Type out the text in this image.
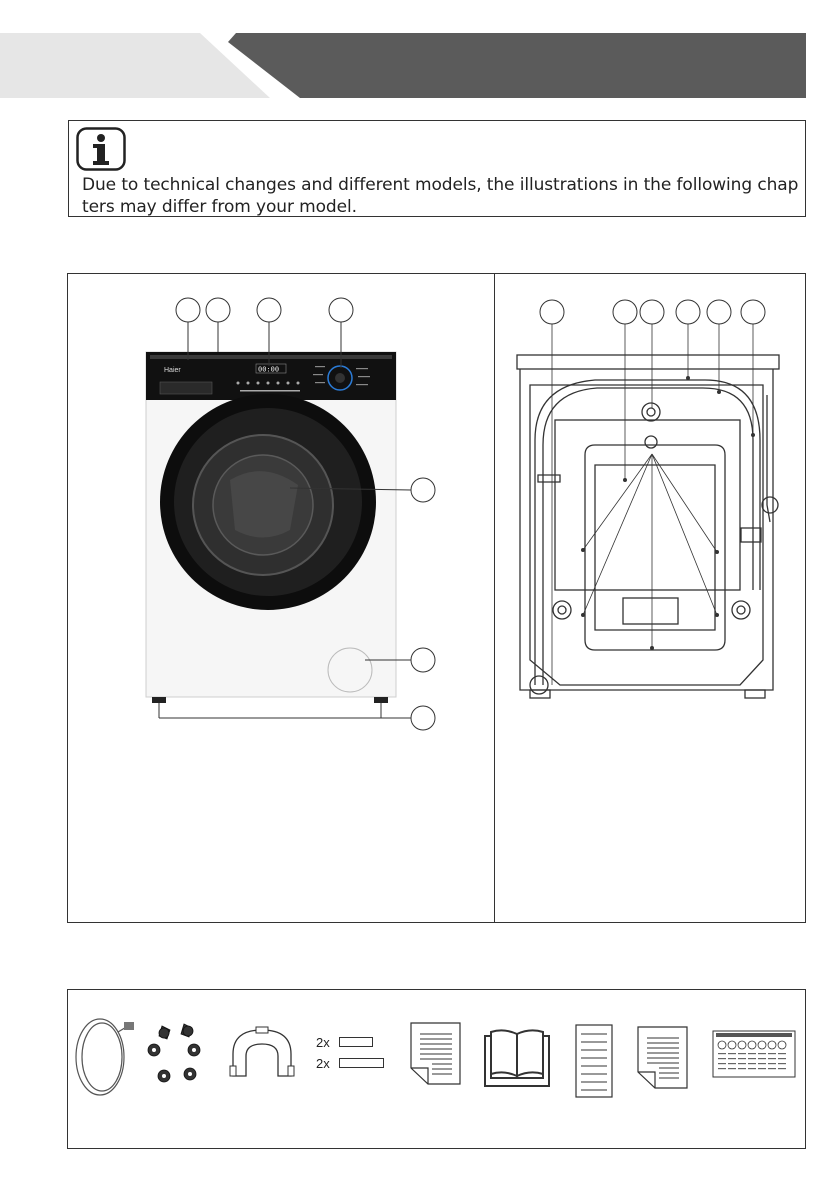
Due to technical changes and different models, the illustrations in the following chap
ters may differ from your model.
Haier	00:00
2x
2x
